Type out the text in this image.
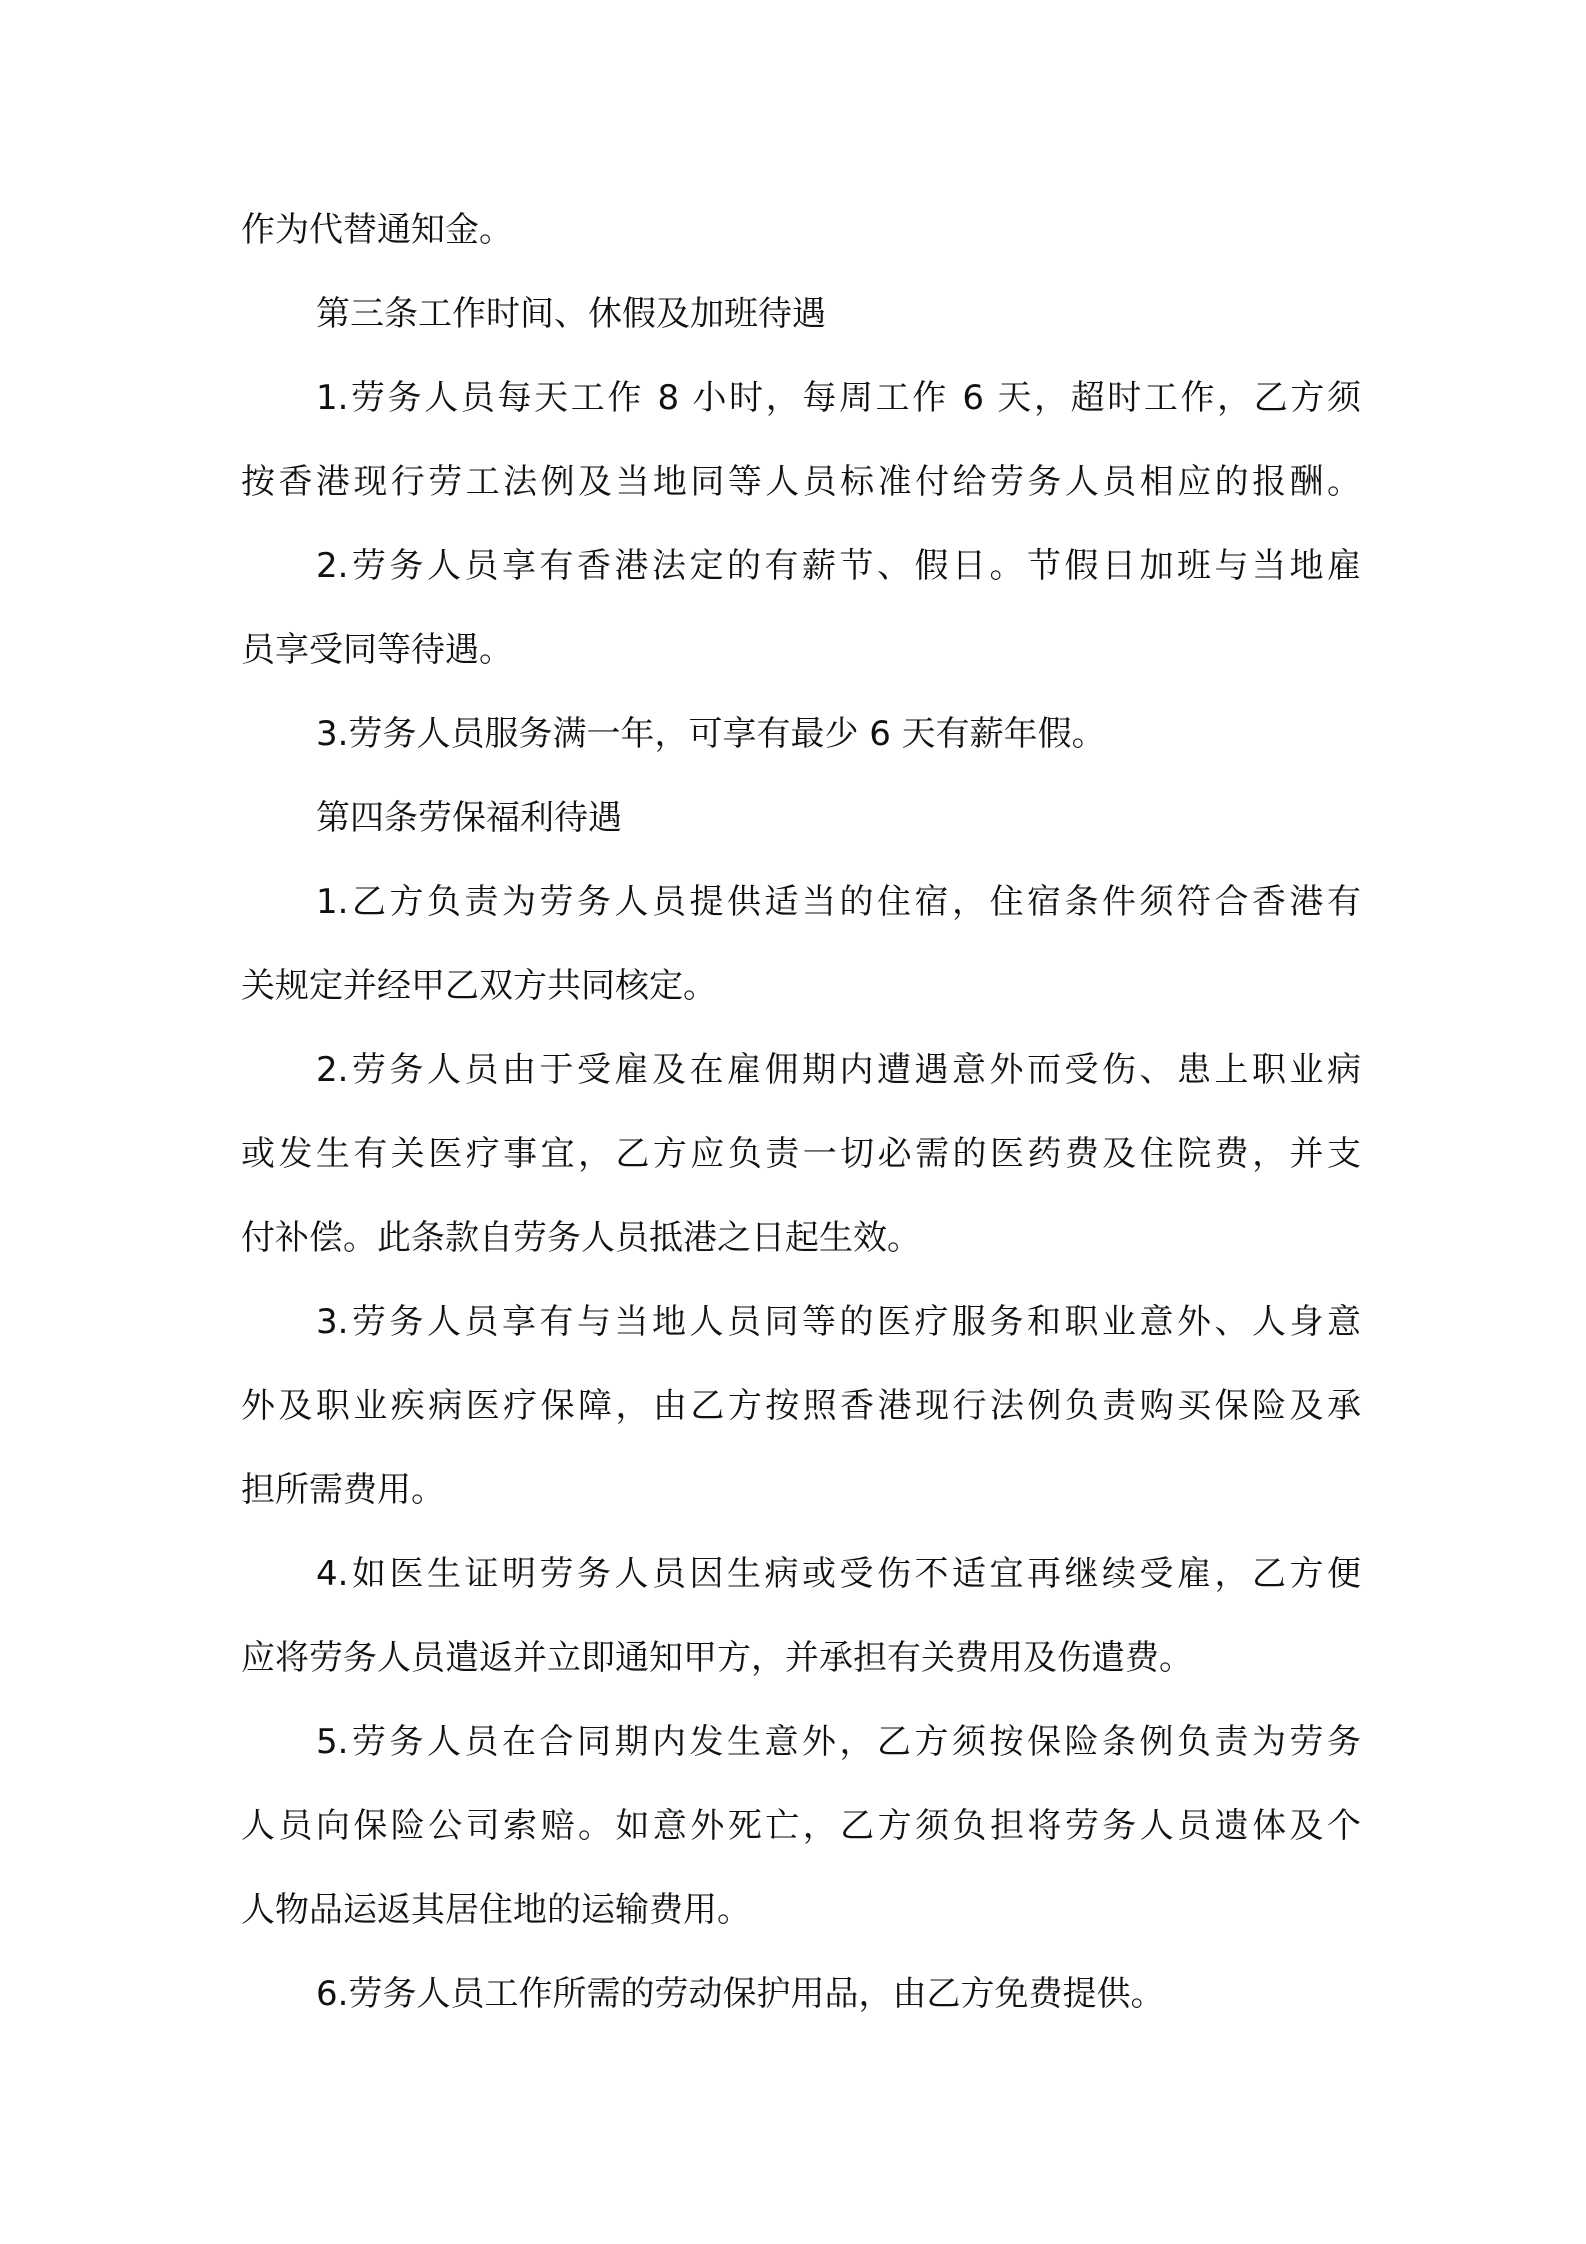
作为代替通知金。
第三条工作时间、休假及加班待遇
1.劳务人员每天工作 8 小时，每周工作 6 天，超时工作，乙方须
按香港现行劳工法例及当地同等人员标准付给劳务人员相应的报酬。
2.劳务人员享有香港法定的有薪节、假日。节假日加班与当地雇
员享受同等待遇。
3.劳务人员服务满一年，可享有最少 6 天有薪年假。
第四条劳保福利待遇
1.乙方负责为劳务人员提供适当的住宿，住宿条件须符合香港有
关规定并经甲乙双方共同核定。
2.劳务人员由于受雇及在雇佣期内遭遇意外而受伤、患上职业病
或发生有关医疗事宜，乙方应负责一切必需的医药费及住院费，并支
付补偿。此条款自劳务人员抵港之日起生效。
3.劳务人员享有与当地人员同等的医疗服务和职业意外、人身意
外及职业疾病医疗保障，由乙方按照香港现行法例负责购买保险及承
担所需费用。
4.如医生证明劳务人员因生病或受伤不适宜再继续受雇，乙方便
应将劳务人员遣返并立即通知甲方，并承担有关费用及伤遣费。
5.劳务人员在合同期内发生意外，乙方须按保险条例负责为劳务
人员向保险公司索赔。如意外死亡，乙方须负担将劳务人员遗体及个
人物品运返其居住地的运输费用。
6.劳务人员工作所需的劳动保护用品，由乙方免费提供。
